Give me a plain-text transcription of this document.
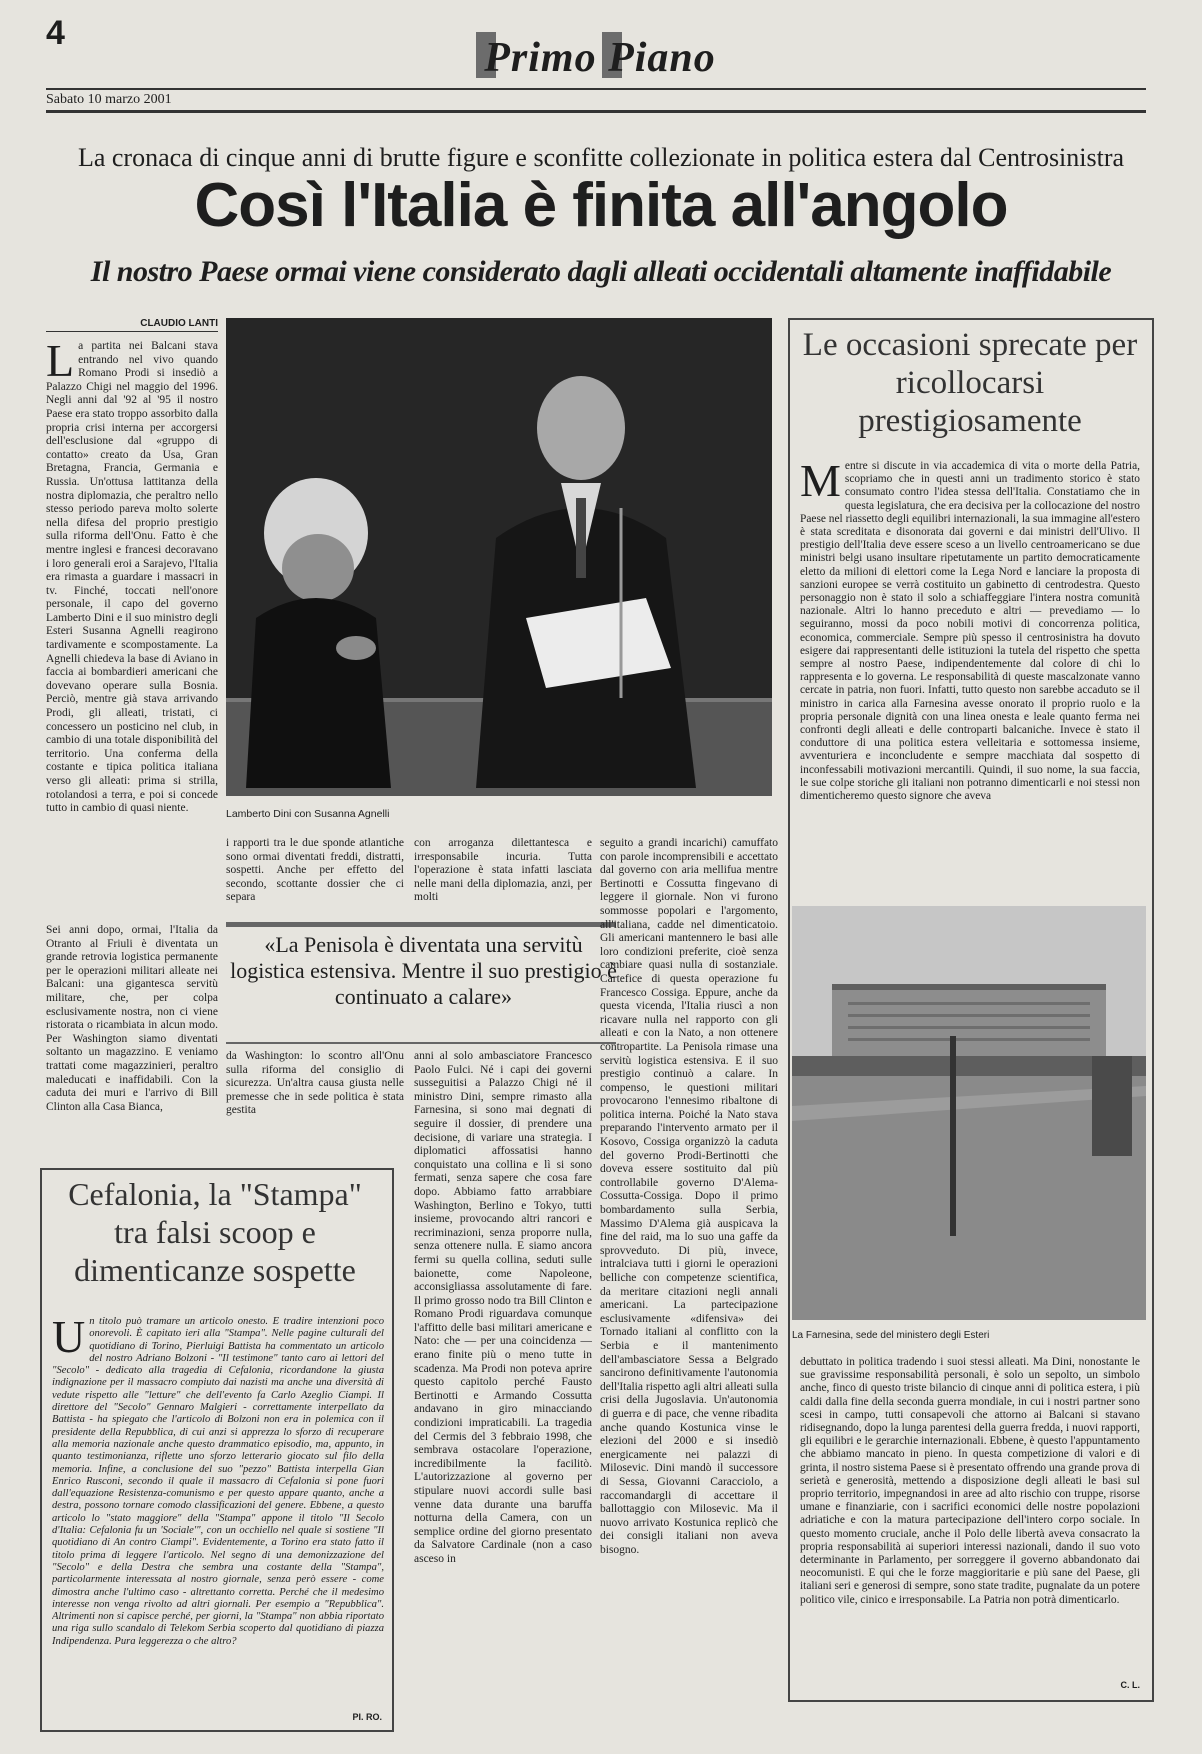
4
Primo Piano
Sabato 10 marzo 2001
La cronaca di cinque anni di brutte figure e sconfitte collezionate in politica estera dal Centrosinistra
Così l'Italia è finita all'angolo
Il nostro Paese ormai viene considerato dagli alleati occidentali altamente inaffidabile
CLAUDIO LANTI
La partita nei Balcani stava entrando nel vivo quando Romano Prodi si insediò a Palazzo Chigi nel maggio del 1996. Negli anni dal '92 al '95 il nostro Paese era stato troppo assorbito dalla propria crisi interna per accorgersi dell'esclusione dal «gruppo di contatto» creato da Usa, Gran Bretagna, Francia, Germania e Russia. Un'ottusa lattitanza della nostra diplomazia, che peraltro nello stesso periodo pareva molto solerte nella difesa del proprio prestigio sulla riforma dell'Onu. Fatto è che mentre inglesi e francesi decoravano i loro generali eroi a Sarajevo, l'Italia era rimasta a guardare i massacri in tv. Finché, toccati nell'onore personale, il capo del governo Lamberto Dini e il suo ministro degli Esteri Susanna Agnelli reagirono tardivamente e scompostamente. La Agnelli chiedeva la base di Aviano in faccia ai bombardieri americani che dovevano operare sulla Bosnia. Perciò, mentre già stava arrivando Prodi, gli alleati, tristati, ci concessero un posticino nel club, in cambio di una totale disponibilità del territorio. Una conferma della costante e tipica politica italiana verso gli alleati: prima si strilla, rotolandosi a terra, e poi si concede tutto in cambio di quasi niente.
Sei anni dopo, ormai, l'Italia da Otranto al Friuli è diventata un grande retrovia logistica permanente per le operazioni militari alleate nei Balcani: una gigantesca servitù militare, che, per colpa esclusivamente nostra, non ci viene ristorata o ricambiata in alcun modo. Per Washington siamo diventati soltanto un magazzino. E veniamo trattati come magazzinieri, peraltro maleducati e inaffidabili. Con la caduta dei muri e l'arrivo di Bill Clinton alla Casa Bianca,
Lamberto Dini con Susanna Agnelli
i rapporti tra le due sponde atlantiche sono ormai diventati freddi, distratti, sospetti. Anche per effetto del secondo, scottante dossier che ci separa
con arroganza dilettantesca e irresponsabile incuria. Tutta l'operazione è stata infatti lasciata nelle mani della diplomazia, anzi, per molti
«La Penisola è diventata una servitù logistica estensiva. Mentre il suo prestigio è continuato a calare»
da Washington: lo scontro all'Onu sulla riforma del consiglio di sicurezza. Un'altra causa giusta nelle premesse che in sede politica è stata gestita
anni al solo ambasciatore Francesco Paolo Fulci. Né i capi dei governi susseguitisi a Palazzo Chigi né il ministro Dini, sempre rimasto alla Farnesina, si sono mai degnati di seguire il dossier, di prendere una decisione, di variare una strategia. I diplomatici affossatisi hanno conquistato una collina e lì si sono fermati, senza sapere che cosa fare dopo. Abbiamo fatto arrabbiare Washington, Berlino e Tokyo, tutti insieme, provocando altri rancori e recriminazioni, senza proporre nulla, senza ottenere nulla. E siamo ancora fermi su quella collina, seduti sulle baionette, come Napoleone, acconsigliassa assolutamente di fare. Il primo grosso nodo tra Bill Clinton e Romano Prodi riguardava comunque l'affitto delle basi militari americane e Nato: che — per una coincidenza — erano finite più o meno tutte in scadenza. Ma Prodi non poteva aprire questo capitolo perché Fausto Bertinotti e Armando Cossutta andavano in giro minacciando condizioni impraticabili. La tragedia del Cermis del 3 febbraio 1998, che sembrava ostacolare l'operazione, incredibilmente la facilitò. L'autorizzazione al governo per stipulare nuovi accordi sulle basi venne data durante una baruffa notturna della Camera, con un semplice ordine del giorno presentato da Salvatore Cardinale (non a caso asceso in
seguito a grandi incarichi) camuffato con parole incomprensibili e accettato dal governo con aria mellifua mentre Bertinotti e Cossutta fingevano di leggere il giornale. Non vi furono sommosse popolari e l'argomento, all'italiana, cadde nel dimenticatoio. Gli americani mantennero le basi alle loro condizioni preferite, cioè senza cambiare quasi nulla di sostanziale. Cartefice di questa operazione fu Francesco Cossiga. Eppure, anche da questa vicenda, l'Italia riuscì a non ricavare nulla nel rapporto con gli alleati e con la Nato, a non ottenere contropartite. La Penisola rimase una servitù logistica estensiva. E il suo prestigio continuò a calare. In compenso, le questioni militari provocarono l'ennesimo ribaltone di politica interna. Poiché la Nato stava preparando l'intervento armato per il Kosovo, Cossiga organizzò la caduta del governo Prodi-Bertinotti che doveva essere sostituito dal più controllabile governo D'Alema-Cossutta-Cossiga. Dopo il primo bombardamento sulla Serbia, Massimo D'Alema già auspicava la fine del raid, ma lo suo una gaffe da sprovveduto. Di più, invece, intralciava tutti i giorni le operazioni belliche con competenze scientifica, da meritare citazioni negli annali americani. La partecipazione esclusivamente «difensiva» dei Tornado italiani al conflitto con la Serbia e il mantenimento dell'ambasciatore Sessa a Belgrado sancirono definitivamente l'autonomia dell'Italia rispetto agli altri alleati sulla crisi della Jugoslavia. Un'autonomia di guerra e di pace, che venne ribadita anche quando Kostunica vinse le elezioni del 2000 e si insediò energicamente nei palazzi di Milosevic. Dini mandò il successore di Sessa, Giovanni Caracciolo, a raccomandargli di accettare il ballottaggio con Milosevic. Ma il nuovo arrivato Kostunica replicò che dei consigli italiani non aveva bisogno.
Cefalonia, la "Stampa" tra falsi scoop e dimenticanze sospette
Un titolo può tramare un articolo onesto. E tradire intenzioni poco onorevoli. È capitato ieri alla "Stampa". Nelle pagine culturali del quotidiano di Torino, Pierluigi Battista ha commentato un articolo del nostro Adriano Bolzoni - "Il testimone" tanto caro ai lettori del "Secolo" - dedicato alla tragedia di Cefalonia, ricordandone la giusta indignazione per il massacro compiuto dai nazisti ma anche una diversità di vedute rispetto alle "letture" che dell'evento fa Carlo Azeglio Ciampi. Il direttore del "Secolo" Gennaro Malgieri - correttamente interpellato da Battista - ha spiegato che l'articolo di Bolzoni non era in polemica con il presidente della Repubblica, di cui anzi si apprezza lo sforzo di recuperare alla memoria nazionale anche questo drammatico episodio, ma, appunto, in quanto testimonianza, riflette uno sforzo letterario giocato sul filo della memoria. Infine, a conclusione del suo "pezzo" Battista interpella Gian Enrico Rusconi, secondo il quale il massacro di Cefalonia si pone fuori dall'equazione Resistenza-comunismo e per questo appare quanto, anche a destra, possono tornare comodo classificazioni del genere. Ebbene, a questo articolo lo "stato maggiore" della "Stampa" appone il titolo "Il Secolo d'Italia: Cefalonia fu un 'Sociale'", con un occhiello nel quale si sostiene "Il quotidiano di An contro Ciampi". Evidentemente, a Torino era stato fatto il titolo prima di leggere l'articolo. Nel segno di una demonizzazione del "Secolo" e della Destra che sembra una costante della "Stampa", particolarmente interessata al nostro giornale, senza però essere - come dimostra anche l'ultimo caso - altrettanto corretta. Perché che il medesimo interesse non venga rivolto ad altri giornali. Per esempio a "Repubblica". Altrimenti non si capisce perché, per giorni, la "Stampa" non abbia riportato una riga sullo scandalo di Telekom Serbia scoperto dal quotidiano di piazza Indipendenza. Pura leggerezza o che altro?
PI. RO.
Le occasioni sprecate per ricollocarsi prestigiosamente
Mentre si discute in via accademica di vita o morte della Patria, scopriamo che in questi anni un tradimento storico è stato consumato contro l'idea stessa dell'Italia. Constatiamo che in questa legislatura, che era decisiva per la collocazione del nostro Paese nel riassetto degli equilibri internazionali, la sua immagine all'estero è stata screditata e disonorata dai governi e dai ministri dell'Ulivo. Il prestigio dell'Italia deve essere sceso a un livello centroamericano se due ministri belgi usano insultare ripetutamente un partito democraticamente eletto da milioni di elettori come la Lega Nord e lanciare la proposta di sanzioni europee se verrà costituito un gabinetto di centrodestra. Questo personaggio non è stato il solo a schiaffeggiare l'intera nostra comunità nazionale. Altri lo hanno preceduto e altri — prevediamo — lo seguiranno, mossi da poco nobili motivi di concorrenza politica, economica, commerciale. Sempre più spesso il centrosinistra ha dovuto esigere dai rappresentanti delle istituzioni la tutela del rispetto che spetta sempre al nostro Paese, indipendentemente dal colore di chi lo rappresenta e lo governa. Le responsabilità di queste mascalzonate vanno cercate in patria, non fuori. Infatti, tutto questo non sarebbe accaduto se il ministro in carica alla Farnesina avesse onorato il proprio ruolo e la propria personale dignità con una linea onesta e leale quanto ferma nei confronti degli alleati e delle controparti balcaniche. Invece è stato il conduttore di una politica estera velleitaria e sottomessa insieme, avventuriera e inconcludente e sempre macchiata dal sospetto di inconfessabili motivazioni mercantili. Quindi, il suo nome, la sua faccia, le sue colpe storiche gli italiani non potranno dimenticarli e noi stessi non dimenticheremo questo signore che aveva
La Farnesina, sede del ministero degli Esteri
debuttato in politica tradendo i suoi stessi alleati. Ma Dini, nonostante le sue gravissime responsabilità personali, è solo un sepolto, un simbolo anche, finco di questo triste bilancio di cinque anni di politica estera, i più caldi dalla fine della seconda guerra mondiale, in cui i nostri partner sono scesi in campo, tutti consapevoli che attorno ai Balcani si stavano ridisegnando, dopo la lunga parentesi della guerra fredda, i nuovi rapporti, gli equilibri e le gerarchie internazionali. Ebbene, è questo l'appuntamento che abbiamo mancato in pieno. In questa competizione di valori e di grinta, il nostro sistema Paese si è presentato offrendo una grande prova di serietà e generosità, mettendo a disposizione degli alleati le basi sul proprio territorio, impegnandosi in aree ad alto rischio con truppe, risorse umane e finanziarie, con i sacrifici economici delle nostre popolazioni adriatiche e con la matura partecipazione dell'intero corpo sociale. In questo momento cruciale, anche il Polo delle libertà aveva consacrato la propria responsabilità ai superiori interessi nazionali, dando il suo voto determinante in Parlamento, per sorreggere il governo abbandonato dai neocomunisti. E qui che le forze maggioritarie e più sane del Paese, gli italiani seri e generosi di sempre, sono state tradite, pugnalate da un potere politico vile, cinico e irresponsabile. La Patria non potrà dimenticarlo.
C. L.
